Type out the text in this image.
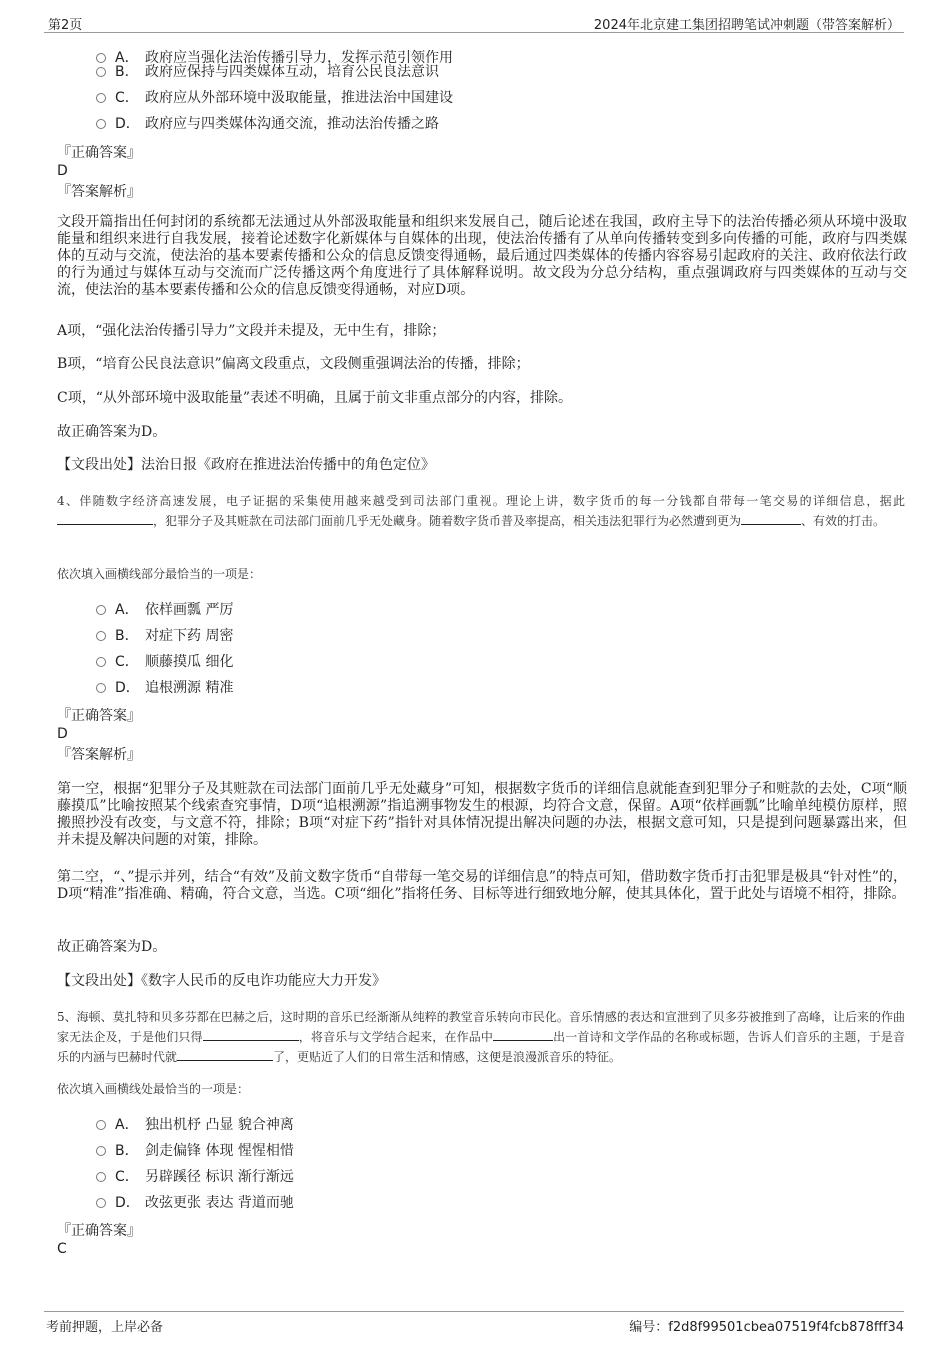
第2页	2024年北京建工集团招聘笔试冲刺题（带答案解析）
A． 政府应当强化法治传播引导力，发挥示范引领作用
B． 政府应保持与四类媒体互动，培育公民良法意识
C． 政府应从外部环境中汲取能量，推进法治中国建设
D． 政府应与四类媒体沟通交流，推动法治传播之路
『正确答案』
D
『答案解析』
文段开篇指出任何封闭的系统都无法通过从外部汲取能量和组织来发展自己，随后论述在我国，政府主导下的法治传播必须从环境中汲取能量和组织来进行自我发展，接着论述数字化新媒体与自媒体的出现，使法治传播有了从单向传播转变到多向传播的可能，政府与四类媒体的互动与交流，使法治的基本要素传播和公众的信息反馈变得通畅，最后通过四类媒体的传播内容容易引起政府的关注、政府依法行政的行为通过与媒体互动与交流而广泛传播这两个角度进行了具体解释说明。故文段为分总分结构，重点强调政府与四类媒体的互动与交流，使法治的基本要素传播和公众的信息反馈变得通畅，对应D项。
A项，“强化法治传播引导力”文段并未提及，无中生有，排除；
B项，“培育公民良法意识”偏离文段重点，文段侧重强调法治的传播，排除；
C项，“从外部环境中汲取能量”表述不明确，且属于前文非重点部分的内容，排除。
故正确答案为D。
【文段出处】法治日报《政府在推进法治传播中的角色定位》
4、伴随数字经济高速发展，电子证据的采集使用越来越受到司法部门重视。理论上讲，数字货币的每一分钱都自带每一笔交易的详细信息，据此，犯罪分子及其赃款在司法部门面前几乎无处藏身。随着数字货币普及率提高，相关违法犯罪行为必然遭到更为	、有效的打击。
依次填入画横线部分最恰当的一项是：
A． 依样画瓢 严厉
B． 对症下药 周密
C． 顺藤摸瓜 细化
D． 追根溯源 精准
『正确答案』
D
『答案解析』
第一空，根据“犯罪分子及其赃款在司法部门面前几乎无处藏身”可知，根据数字货币的详细信息就能查到犯罪分子和赃款的去处，C项“顺藤摸瓜”比喻按照某个线索查究事情，D项“追根溯源”指追溯事物发生的根源，均符合文意，保留。A项“依样画瓢”比喻单纯模仿原样，照搬照抄没有改变，与文意不符，排除；B项“对症下药”指针对具体情况提出解决问题的办法，根据文意可知，只是提到问题暴露出来，但并未提及解决问题的对策，排除。
第二空，“、”提示并列，结合“有效”及前文数字货币“自带每一笔交易的详细信息”的特点可知，借助数字货币打击犯罪是极具“针对性”的，D项“精准”指准确、精确，符合文意，当选。C项“细化”指将任务、目标等进行细致地分解，使其具体化，置于此处与语境不相符，排除。
故正确答案为D。
【文段出处】《数字人民币的反电诈功能应大力开发》
5、海顿、莫扎特和贝多芬都在巴赫之后，这时期的音乐已经渐渐从纯粹的教堂音乐转向市民化。音乐情感的表达和宣泄到了贝多芬被推到了高峰，让后来的作曲家无法企及，于是他们只得	，将音乐与文学结合起来，在作品中	出一首诗和文学作品的名称或标题，告诉人们音乐的主题，于是音乐的内涵与巴赫时代就	了，更贴近了人们的日常生活和情感，这便是浪漫派音乐的特征。
依次填入画横线处最恰当的一项是：
A． 独出机杼 凸显 貌合神离
B． 剑走偏锋 体现 惺惺相惜
C． 另辟蹊径 标识 渐行渐远
D． 改弦更张 表达 背道而驰
『正确答案』
C
考前押题，上岸必备	编号：f2d8f99501cbea07519f4fcb878fff34
